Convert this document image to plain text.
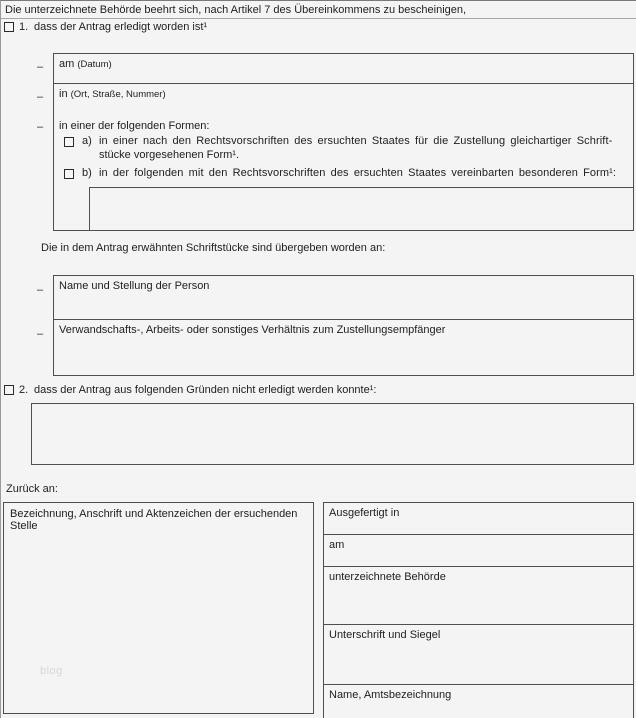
Die unterzeichnete Behörde beehrt sich, nach Artikel 7 des Übereinkommens zu bescheinigen,
1. dass der Antrag erledigt worden ist¹
–
–
–
am (Datum)
in (Ort, Straße, Nummer)
in einer der folgenden Formen:
a) in einer nach den Rechtsvorschriften des ersuchten Staates für die Zustellung gleichartiger Schrift-
stücke vorgesehenen Form¹.
b) in der folgenden mit den Rechtsvorschriften des ersuchten Staates vereinbarten besonderen Form¹:
Die in dem Antrag erwähnten Schriftstücke sind übergeben worden an:
–
–
Name und Stellung der Person
Verwandschafts-, Arbeits- oder sonstiges Verhältnis zum Zustellungsempfänger
2. dass der Antrag aus folgenden Gründen nicht erledigt werden konnte¹:
Zurück an:
Bezeichnung, Anschrift und Aktenzeichen der ersuchenden Stelle
blog
Ausgefertigt in
am
unterzeichnete Behörde
Unterschrift und Siegel
Name, Amtsbezeichnung
